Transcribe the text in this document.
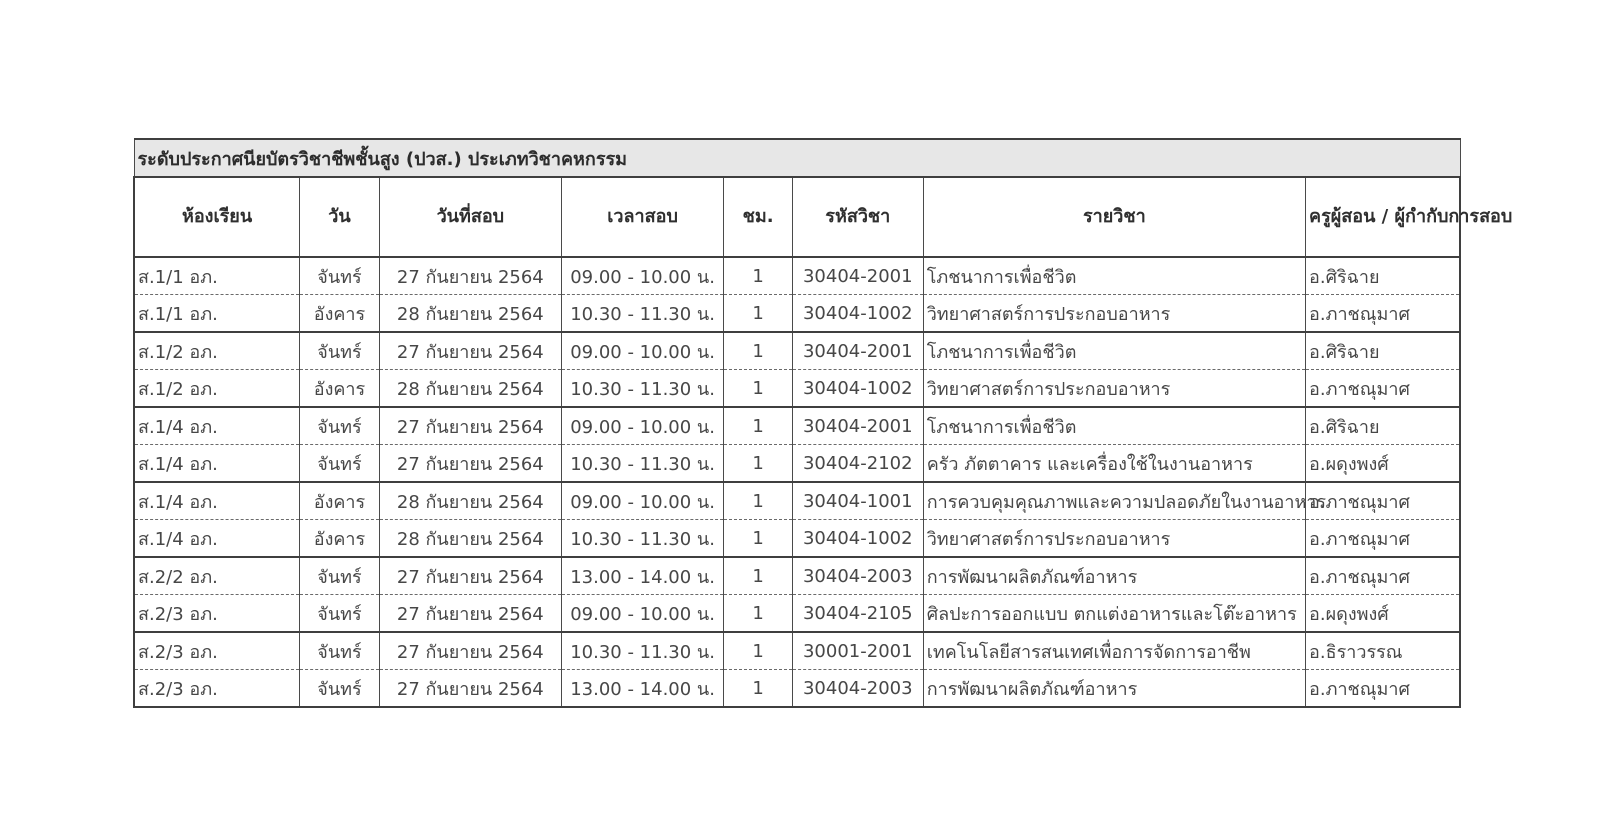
ระดับประกาศนียบัตรวิชาชีพชั้นสูง (ปวส.) ประเภทวิชาคหกรรม							
ห้องเรียน	วัน	วันที่สอบ	เวลาสอบ	ชม.	รหัสวิชา	รายวิชา	ครูผู้สอน / ผู้กำกับการสอบ
ส.1/1 อภ.	จันทร์	27 กันยายน 2564	09.00 - 10.00 น.	1	30404-2001	โภชนาการเพื่อชีวิต	อ.ศิริฉาย
ส.1/1 อภ.	อังคาร	28 กันยายน 2564	10.30 - 11.30 น.	1	30404-1002	วิทยาศาสตร์การประกอบอาหาร	อ.ภาชณุมาศ
ส.1/2 อภ.	จันทร์	27 กันยายน 2564	09.00 - 10.00 น.	1	30404-2001	โภชนาการเพื่อชีวิต	อ.ศิริฉาย
ส.1/2 อภ.	อังคาร	28 กันยายน 2564	10.30 - 11.30 น.	1	30404-1002	วิทยาศาสตร์การประกอบอาหาร	อ.ภาชณุมาศ
ส.1/4 อภ.	จันทร์	27 กันยายน 2564	09.00 - 10.00 น.	1	30404-2001	โภชนาการเพื่อชีวิต	อ.ศิริฉาย
ส.1/4 อภ.	จันทร์	27 กันยายน 2564	10.30 - 11.30 น.	1	30404-2102	ครัว ภัตตาคาร และเครื่องใช้ในงานอาหาร	อ.ผดุงพงศ์
ส.1/4 อภ.	อังคาร	28 กันยายน 2564	09.00 - 10.00 น.	1	30404-1001	การควบคุมคุณภาพและความปลอดภัยในงานอาหาร	อ.ภาชณุมาศ
ส.1/4 อภ.	อังคาร	28 กันยายน 2564	10.30 - 11.30 น.	1	30404-1002	วิทยาศาสตร์การประกอบอาหาร	อ.ภาชณุมาศ
ส.2/2 อภ.	จันทร์	27 กันยายน 2564	13.00 - 14.00 น.	1	30404-2003	การพัฒนาผลิตภัณฑ์อาหาร	อ.ภาชณุมาศ
ส.2/3 อภ.	จันทร์	27 กันยายน 2564	09.00 - 10.00 น.	1	30404-2105	ศิลปะการออกแบบ ตกแต่งอาหารและโต๊ะอาหาร	อ.ผดุงพงศ์
ส.2/3 อภ.	จันทร์	27 กันยายน 2564	10.30 - 11.30 น.	1	30001-2001	เทคโนโลยีสารสนเทศเพื่อการจัดการอาชีพ	อ.ธิราวรรณ
ส.2/3 อภ.	จันทร์	27 กันยายน 2564	13.00 - 14.00 น.	1	30404-2003	การพัฒนาผลิตภัณฑ์อาหาร	อ.ภาชณุมาศ
